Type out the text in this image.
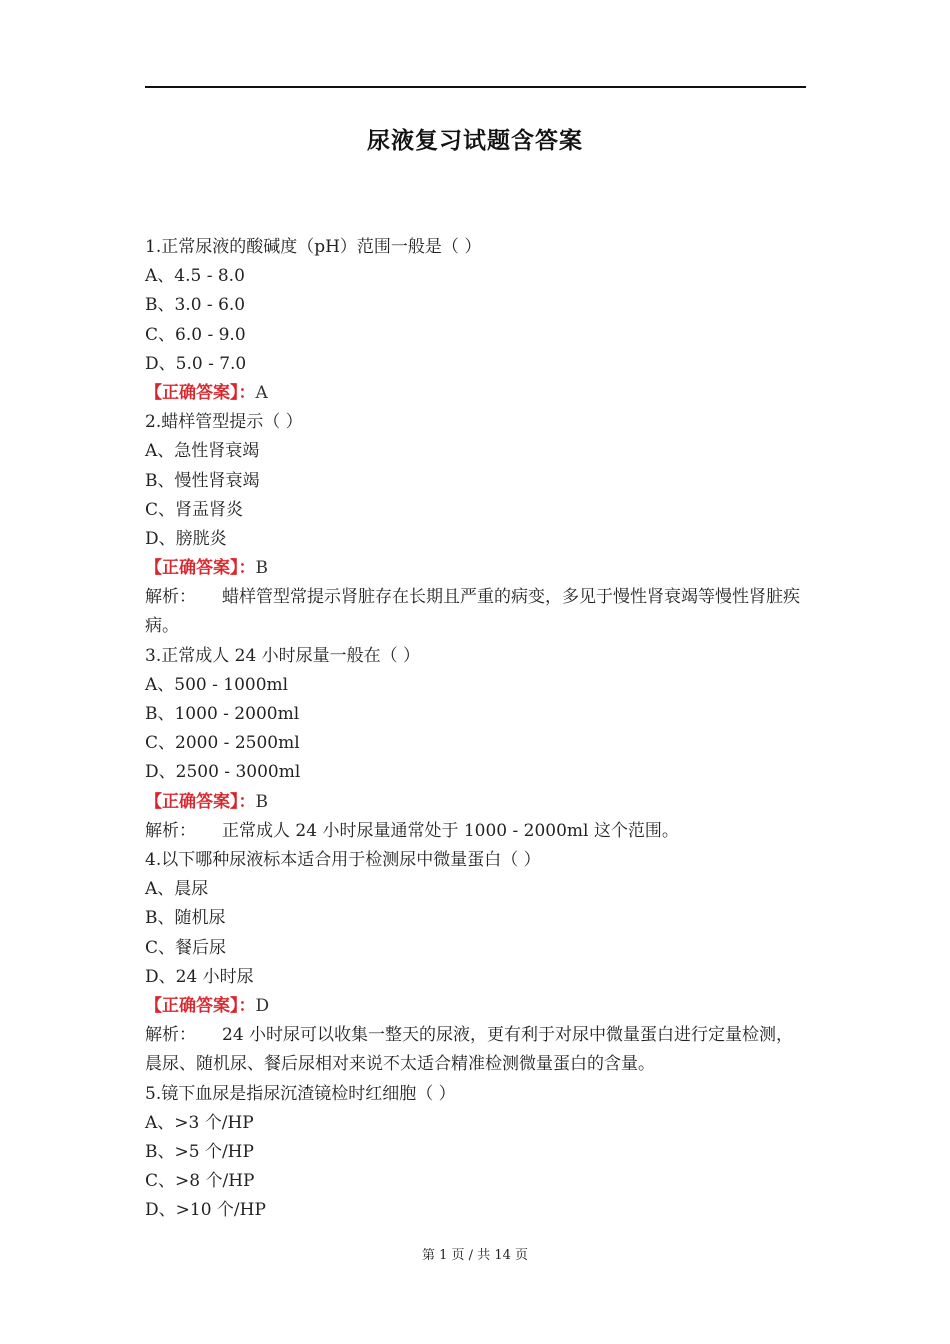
尿液复习试题含答案
1.正常尿液的酸碱度（pH）范围一般是（ ）
A、4.5 - 8.0
B、3.0 - 6.0
C、6.0 - 9.0
D、5.0 - 7.0
【正确答案】：A
2.蜡样管型提示（ ）
A、急性肾衰竭
B、慢性肾衰竭
C、肾盂肾炎
D、膀胱炎
【正确答案】：B
解析： 蜡样管型常提示肾脏存在长期且严重的病变，多见于慢性肾衰竭等慢性肾脏疾病。
3.正常成人 24 小时尿量一般在（ ）
A、500 - 1000ml
B、1000 - 2000ml
C、2000 - 2500ml
D、2500 - 3000ml
【正确答案】：B
解析： 正常成人 24 小时尿量通常处于 1000 - 2000ml 这个范围。
4.以下哪种尿液标本适合用于检测尿中微量蛋白（ ）
A、晨尿
B、随机尿
C、餐后尿
D、24 小时尿
【正确答案】：D
解析： 24 小时尿可以收集一整天的尿液，更有利于对尿中微量蛋白进行定量检测，晨尿、随机尿、餐后尿相对来说不太适合精准检测微量蛋白的含量。
5.镜下血尿是指尿沉渣镜检时红细胞（ ）
A、>3 个/HP
B、>5 个/HP
C、>8 个/HP
D、>10 个/HP
第 1 页 / 共 14 页
